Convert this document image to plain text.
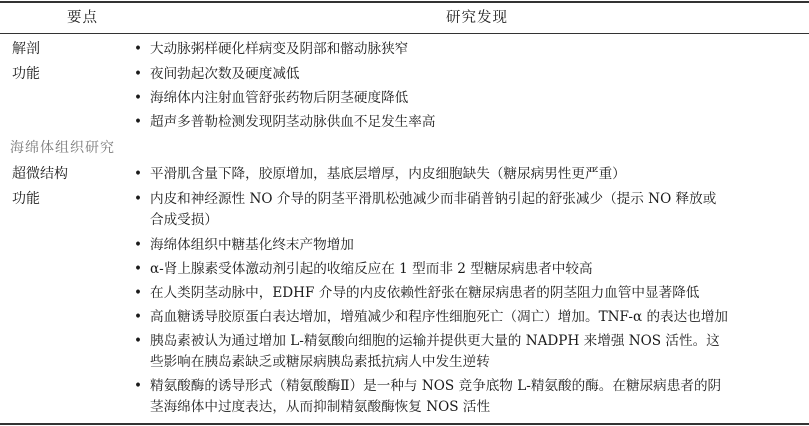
要点	研究发现
解剖	• 大动脉粥样硬化样病变及阴部和髂动脉狭窄
功能	• 夜间勃起次数及硬度减低
• 海绵体内注射血管舒张药物后阴茎硬度降低
• 超声多普勒检测发现阴茎动脉供血不足发生率高
海绵体组织研究
超微结构	• 平滑肌含量下降，胶原增加，基底层增厚，内皮细胞缺失（糖尿病男性更严重）
功能	• 内皮和神经源性 NO 介导的阴茎平滑肌松弛减少而非硝普钠引起的舒张减少（提示 NO 释放或
合成受损）
• 海绵体组织中糖基化终末产物增加
• α-肾上腺素受体激动剂引起的收缩反应在 1 型而非 2 型糖尿病患者中较高
• 在人类阴茎动脉中，EDHF 介导的内皮依赖性舒张在糖尿病患者的阴茎阻力血管中显著降低
• 高血糖诱导胶原蛋白表达增加，增殖减少和程序性细胞死亡（凋亡）增加。TNF-α 的表达也增加
• 胰岛素被认为通过增加 L-精氨酸向细胞的运输并提供更大量的 NADPH 来增强 NOS 活性。这
些影响在胰岛素缺乏或糖尿病胰岛素抵抗病人中发生逆转
• 精氨酸酶的诱导形式（精氨酸酶Ⅱ）是一种与 NOS 竞争底物 L-精氨酸的酶。在糖尿病患者的阴
茎海绵体中过度表达，从而抑制精氨酸酶恢复 NOS 活性
